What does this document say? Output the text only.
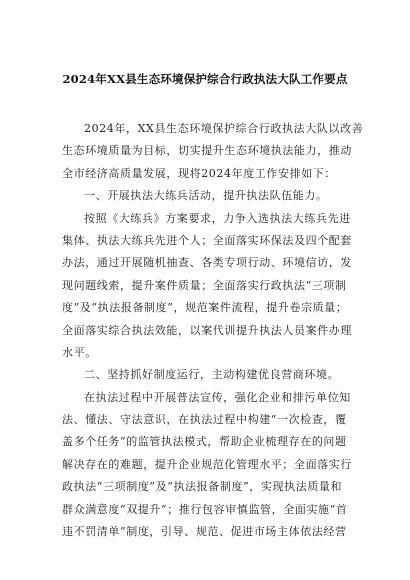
2024年XX县生态环境保护综合行政执法大队工作要点
2024年，XX县生态环境保护综合行政执法大队以改善
生态环境质量为目标，切实提升生态环境执法能力，推动
全市经济高质量发展，现将2024年度工作安排如下：
一、开展执法大练兵活动，提升执法队伍能力。
按照《大练兵》方案要求，力争入选执法大练兵先进
集体、执法大练兵先进个人；全面落实环保法及四个配套
办法，通过开展随机抽查、各类专项行动、环境信访，发
现问题线索，提升案件质量；全面落实行政执法“三项制
度”及“执法报备制度”，规范案件流程，提升卷宗质量；
全面落实综合执法效能，以案代训提升执法人员案件办理
水平。
二、坚持抓好制度运行，主动构建优良营商环境。
在执法过程中开展普法宣传，强化企业和排污单位知
法、懂法、守法意识，在执法过程中构建“一次检查，覆
盖多个任务”的监管执法模式，帮助企业梳理存在的问题
解决存在的难题，提升企业规范化管理水平；全面落实行
政执法“三项制度”及“执法报备制度”，实现执法质量和
群众满意度“双提升”；推行包容审慎监管，全面实施“首
违不罚清单”制度，引导、规范、促进市场主体依法经营
